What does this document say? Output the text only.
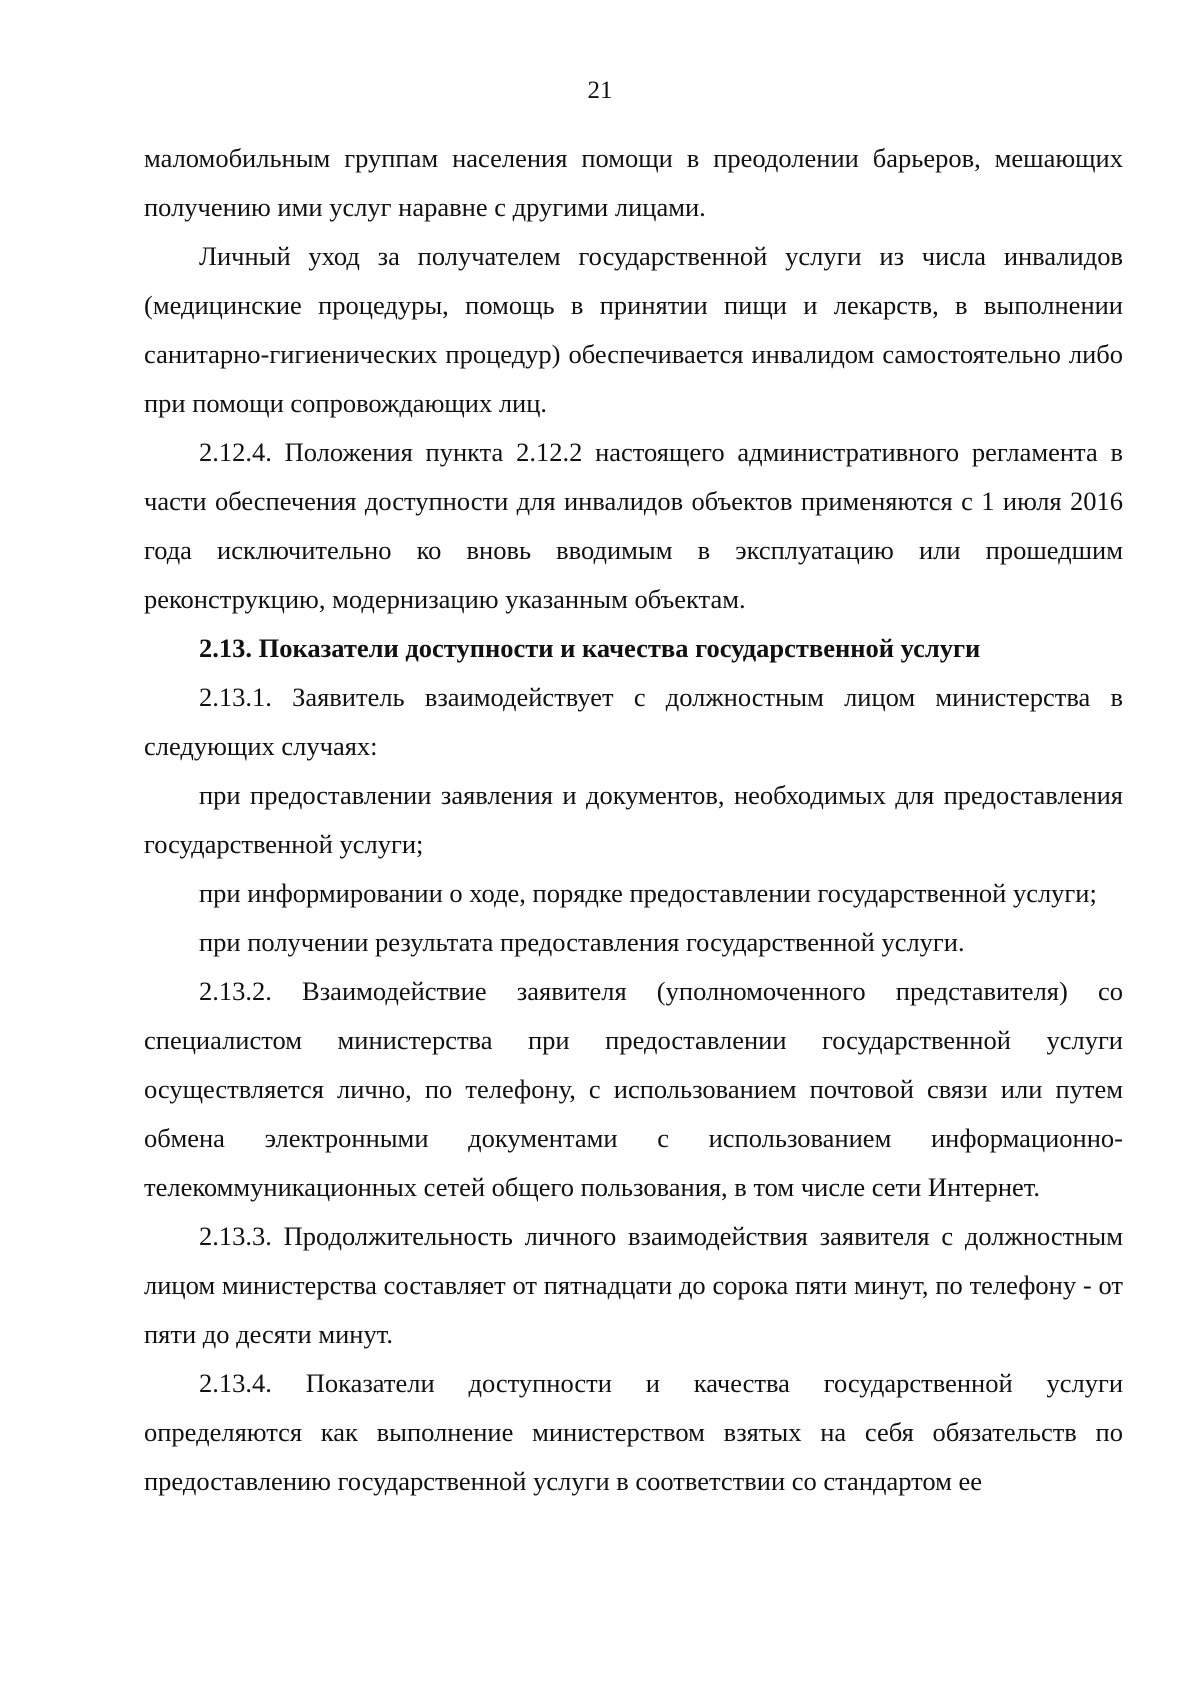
21

маломобильным группам населения помощи в преодолении барьеров, мешающих получению ими услуг наравне с другими лицами.

Личный уход за получателем государственной услуги из числа инвалидов (медицинские процедуры, помощь в принятии пищи и лекарств, в выполнении санитарно-гигиенических процедур) обеспечивается инвалидом самостоятельно либо при помощи сопровождающих лиц.

2.12.4. Положения пункта 2.12.2 настоящего административного регламента в части обеспечения доступности для инвалидов объектов применяются с 1 июля 2016 года исключительно ко вновь вводимым в эксплуатацию или прошедшим реконструкцию, модернизацию указанным объектам.

2.13. Показатели доступности и качества государственной услуги

2.13.1. Заявитель взаимодействует с должностным лицом министерства в следующих случаях:

при предоставлении заявления и документов, необходимых для предоставления государственной услуги;

при информировании о ходе, порядке предоставлении государственной услуги;

при получении результата предоставления государственной услуги.

2.13.2. Взаимодействие заявителя (уполномоченного представителя) со специалистом министерства при предоставлении государственной услуги осуществляется лично, по телефону, с использованием почтовой связи или путем обмена электронными документами с использованием информационно-телекоммуникационных сетей общего пользования, в том числе сети Интернет.

2.13.3. Продолжительность личного взаимодействия заявителя с должностным лицом министерства составляет от пятнадцати до сорока пяти минут, по телефону - от пяти до десяти минут.

2.13.4. Показатели доступности и качества государственной услуги определяются как выполнение министерством взятых на себя обязательств по предоставлению государственной услуги в соответствии со стандартом ее
